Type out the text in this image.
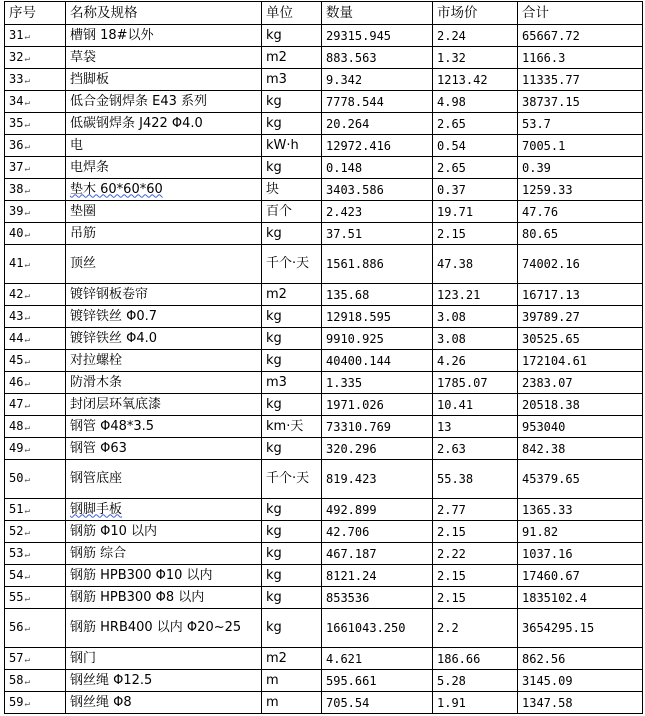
序号	名称及规格	单位	数量	市场价	合计
31↵	槽钢 18#以外	kg	29315.945	2.24	65667.72
32↵	草袋	m2	883.563	1.32	1166.3
33↵	挡脚板	m3	9.342	1213.42	11335.77
34↵	低合金钢焊条 E43 系列	kg	7778.544	4.98	38737.15
35↵	低碳钢焊条 J422 Φ4.0	kg	20.264	2.65	53.7
36↵	电	kW·h	12972.416	0.54	7005.1
37↵	电焊条	kg	0.148	2.65	0.39
38↵	垫木 60*60*60	块	3403.586	0.37	1259.33
39↵	垫圈	百个	2.423	19.71	47.76
40↵	吊筋	kg	37.51	2.15	80.65
41↵	顶丝	千个·天	1561.886	47.38	74002.16
42↵	镀锌钢板卷帘	m2	135.68	123.21	16717.13
43↵	镀锌铁丝 Φ0.7	kg	12918.595	3.08	39789.27
44↵	镀锌铁丝 Φ4.0	kg	9910.925	3.08	30525.65
45↵	对拉螺栓	kg	40400.144	4.26	172104.61
46↵	防滑木条	m3	1.335	1785.07	2383.07
47↵	封闭层环氧底漆	kg	1971.026	10.41	20518.38
48↵	钢管 Φ48*3.5	km·天	73310.769	13	953040
49↵	钢管 Φ63	kg	320.296	2.63	842.38
50↵	钢管底座	千个·天	819.423	55.38	45379.65
51↵	钢脚手板	kg	492.899	2.77	1365.33
52↵	钢筋 Φ10 以内	kg	42.706	2.15	91.82
53↵	钢筋 综合	kg	467.187	2.22	1037.16
54↵	钢筋 HPB300 Φ10 以内	kg	8121.24	2.15	17460.67
55↵	钢筋 HPB300 Φ8 以内	kg	853536	2.15	1835102.4
56↵	钢筋 HRB400 以内 Φ20~25	kg	1661043.250	2.2	3654295.15
57↵	钢门	m2	4.621	186.66	862.56
58↵	钢丝绳 Φ12.5	m	595.661	5.28	3145.09
59↵	钢丝绳 Φ8	m	705.54	1.91	1347.58
